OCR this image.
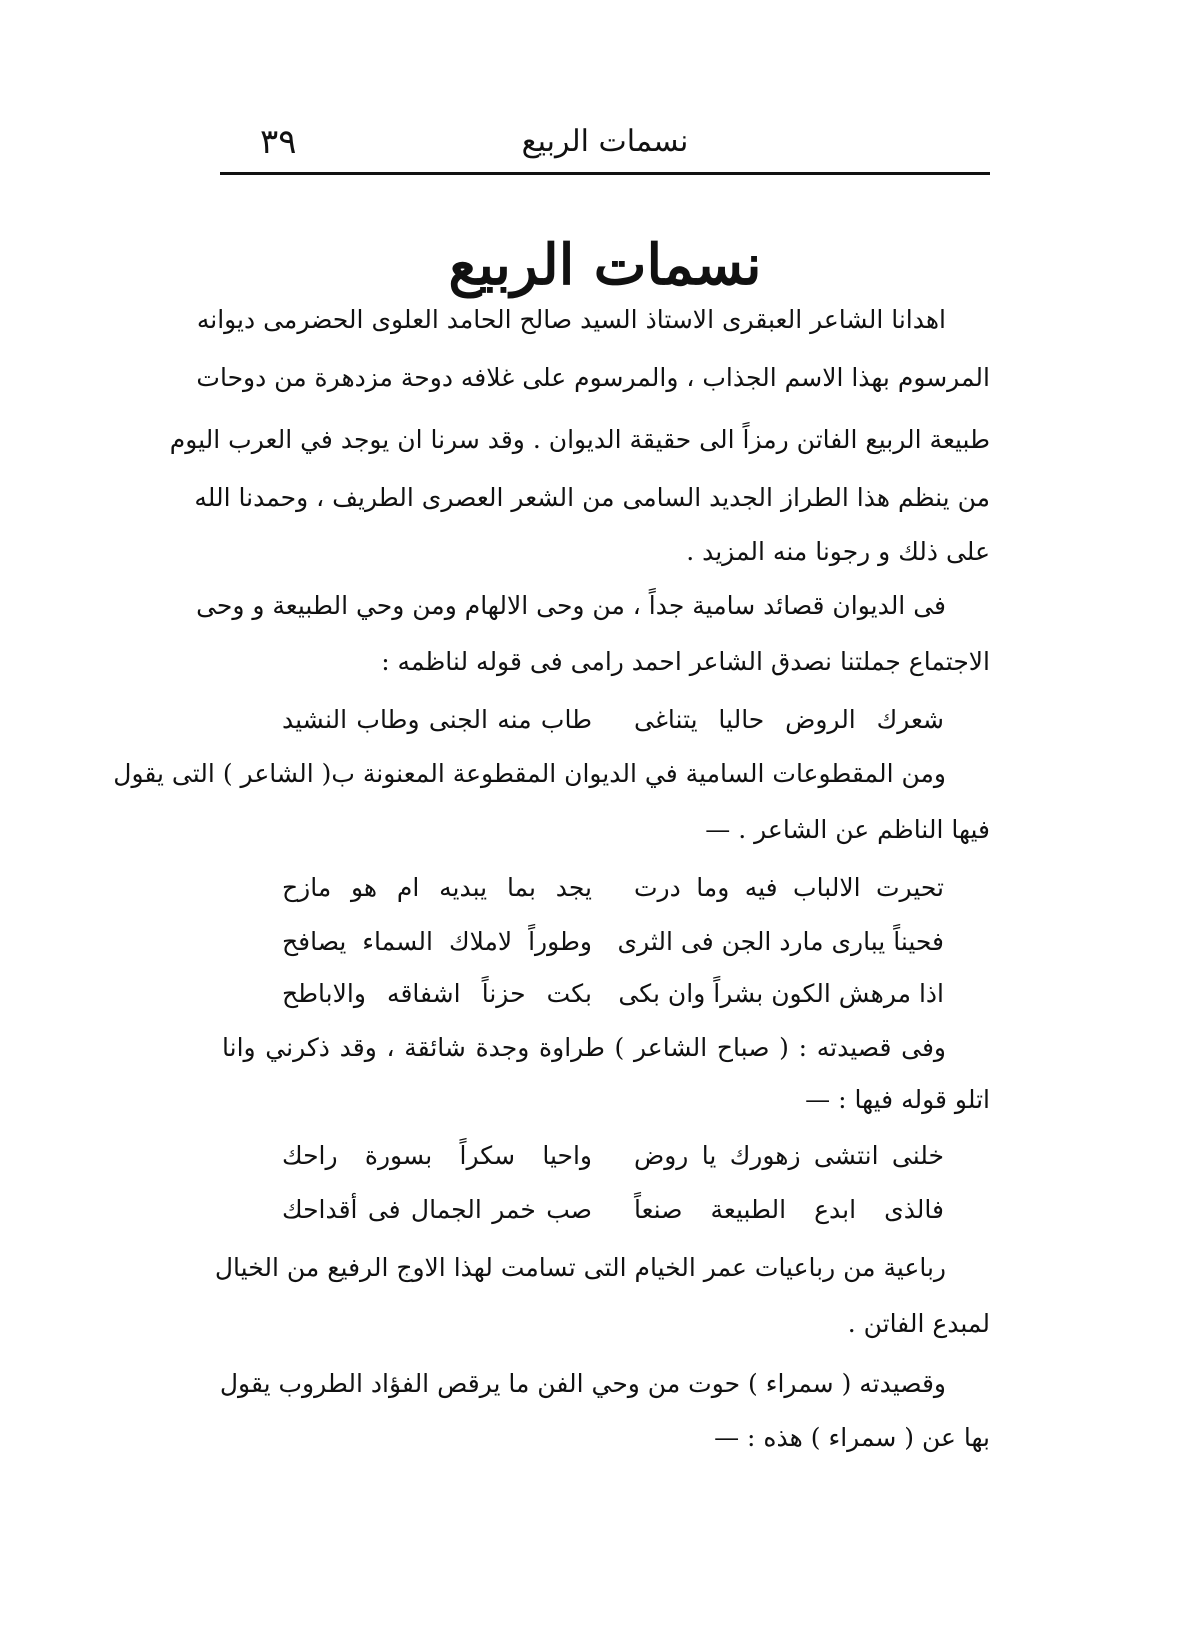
٣٩	نسمات الربيع
نسمات الربيع
اهدانا الشاعر العبقرى الاستاذ السيد صالح الحامد العلوى الحضرمى ديوانه
المرسوم بهذا الاسم الجذاب ، والمرسوم على غلافه دوحة مزدهرة من دوحات
طبيعة الربيع الفاتن رمزاً الى حقيقة الديوان . وقد سرنا ان يوجد في العرب اليوم
من ينظم هذا الطراز الجديد السامى من الشعر العصرى الطريف ، وحمدنا الله
على ذلك و رجونا منه المزيد .
فى الديوان قصائد سامية جداً ، من وحى الالهام ومن وحي الطبيعة و وحى
الاجتماع جملتنا نصدق الشاعر احمد رامى فى قوله لناظمه :
شعرك الروض حاليا يتناغى
طاب منه الجنى وطاب النشيد
ومن المقطوعات السامية في الديوان المقطوعة المعنونة ب( الشاعر ) التى يقول
فيها الناظم عن الشاعر . —
تحيرت الالباب فيه وما درت
يجد بما يبديه ام هو مازح
فحيناً يبارى مارد الجن فى الثرى
وطوراً لاملاك السماء يصافح
اذا مرهش الكون بشراً وان بكى
بكت حزناً اشفاقه والاباطح
وفى قصيدته : ( صباح الشاعر ) طراوة وجدة شائقة ، وقد ذكرني وانا
اتلو قوله فيها : —
خلنى انتشى زهورك يا روض
واحيا سكراً بسورة راحك
فالذى ابدع الطبيعة صنعاً
صب خمر الجمال فى أقداحك
رباعية من رباعيات عمر الخيام التى تسامت لهذا الاوج الرفيع من الخيال
لمبدع الفاتن .
وقصيدته ( سمراء ) حوت من وحي الفن ما يرقص الفؤاد الطروب يقول
بها عن ( سمراء ) هذه : —
